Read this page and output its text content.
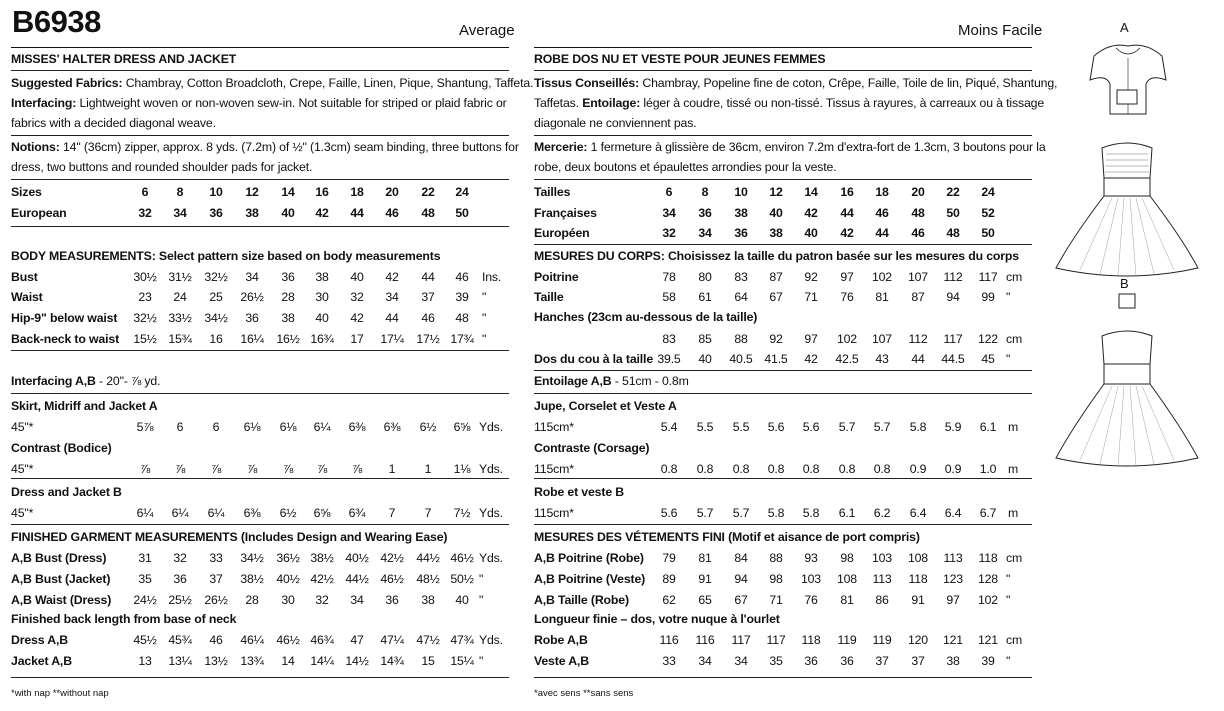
B6938	Average	Moins Facile
MISSES' HALTER DRESS AND JACKET
Suggested Fabrics: Chambray, Cotton Broadcloth, Crepe, Faille, Linen, Pique, Shantung, Taffeta.
Interfacing: Lightweight woven or non-woven sew-in. Not suitable for striped or plaid fabric or
fabrics with a decided diagonal weave.
Notions: 14" (36cm) zipper, approx. 8 yds. (7.2m) of ½" (1.3cm) seam binding, three buttons for
dress, two buttons and rounded shoulder pads for jacket.
BODY MEASUREMENTS: Select pattern size based on body measurements
Interfacing A,B - 20"- ⅞ yd.
FINISHED GARMENT MEASUREMENTS (Includes Design and Wearing Ease)
Finished back length from base of neck
*with nap **without nap
ROBE DOS NU ET VESTE POUR JEUNES FEMMES
Tissus Conseillés: Chambray, Popeline fine de coton, Crêpe, Faille, Toile de lin, Piqué, Shantung,
Taffetas. Entoilage: léger à coudre, tissé ou non-tissé. Tissus à rayures, à carreaux ou à tissage
diagonale ne conviennent pas.
Mercerie: 1 fermeture à glissière de 36cm, environ 7.2m d'extra-fort de 1.3cm, 3 boutons pour la
robe, deux boutons et épaulettes arrondies pour la veste.
MESURES DU CORPS: Choisissez la taille du patron basée sur les mesures du corps
Hanches (23cm au-dessous de la taille)
Entoilage A,B - 51cm - 0.8m
MESURES DES VÉTEMENTS FINI (Motif et aisance de port compris)
Longueur finie – dos, votre nuque à l'ourlet
*avec sens **sans sens
Sizes	6	8	10	12	14	16	18	20	22	24
European	32	34	36	38	40	42	44	46	48	50
Bust	30½ 31½	32½	34	36	38	40	42	44	46	Ins.
Waist	23	24	25	26½	28	30	32	34	37	39	"
Hip-9" below waist	32½ 33½	34½	36	38	40	42	44	46	48	"
Back-neck to waist	15½ 15¾	16	16¼	16½ 16¾	17	17¼	17½ 17¾ "
Skirt, Midriff and Jacket A
45"*	5⅞	6	6	6⅛	6⅛	6¼	6⅜	6⅜	6½	6⅝ Yds.
Contrast (Bodice)
45"*	⅞	⅞	⅞	⅞	⅞	⅞	⅞	1	1	1⅛ Yds.
Dress and Jacket B
45"*	6¼	6¼	6¼	6⅜	6½	6⅝	6¾	7	7	7½ Yds.
A,B Bust (Dress)	31	32	33	34½	36½ 38½ 40½ 42½	44½ 46½ Yds.
A,B Bust (Jacket)	35	36	37	38½	40½ 42½ 44½ 46½	48½ 50½ "
A,B Waist (Dress)	24½ 25½	26½	28	30	32	34	36	38	40 "
Dress A,B	45½ 45¾	46	46¼	46½ 46¾	47	47¼	47½ 47¾ Yds.
Jacket A,B	13	13¼	13½	13¾	14	14¼ 14½ 14¾	15	15¼ "
Tailles	6	8	10	12	14	16	18	20	22	24
Françaises	34	36	38	40	42	44	46	48	50	52
Européen	32	34	36	38	40	42	44	46	48	50
Poitrine	78	80	83	87	92	97	102	107	112	117 cm
Taille	58	61	64	67	71	76	81	87	94	99 "
83	85	88	92	97	102	107	112	117	122 cm
Dos du cou à la taille 39.5	40	40.5 41.5	42	42.5	43	44	44.5	45 "
Jupe, Corselet et Veste A
115cm*	5.4	5.5	5.5	5.6	5.6	5.7	5.7	5.8	5.9	6.1 m
Contraste (Corsage)
115cm*	0.8	0.8	0.8	0.8	0.8	0.8	0.8	0.9	0.9	1.0 m
Robe et veste B
115cm*	5.6	5.7	5.7	5.8	5.8	6.1	6.2	6.4	6.4	6.7 m
A,B Poitrine (Robe)	79	81	84	88	93	98	103	108	113	118 cm
A,B Poitrine (Veste)	89	91	94	98	103	108	113	118	123	128 "
A,B Taille (Robe)	62	65	67	71	76	81	86	91	97	102 "
Robe A,B	116	116	117	117	118	119	119	120	121	121 cm
Veste A,B	33	34	34	35	36	36	37	37	38	39 "
A
B
